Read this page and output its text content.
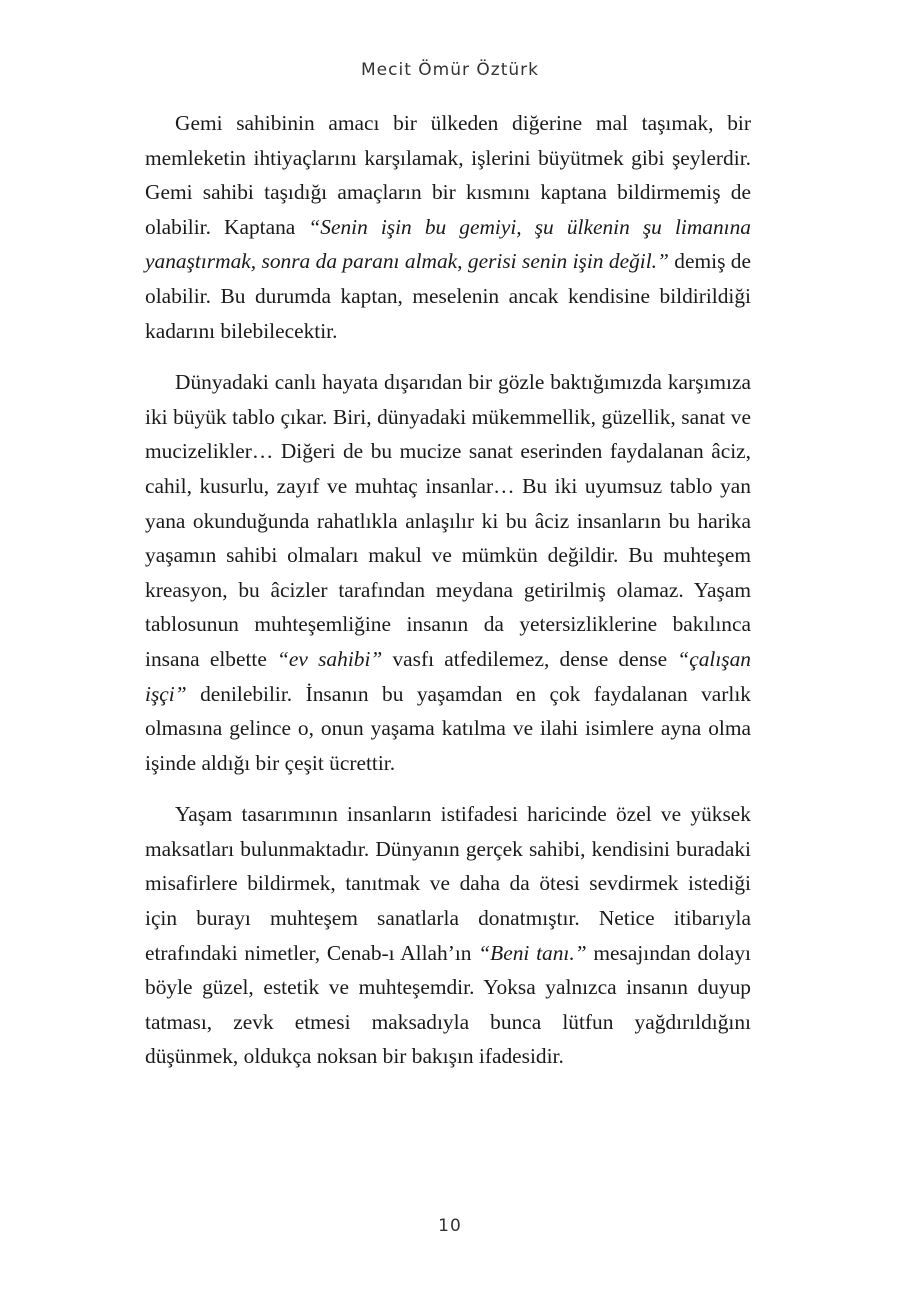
Mecit Ömür Öztürk

Gemi sahibinin amacı bir ülkeden diğerine mal taşımak, bir memleketin ihtiyaçlarını karşılamak, işlerini büyütmek gibi şeylerdir. Gemi sahibi taşıdığı amaçların bir kısmını kaptana bildirmemiş de olabilir. Kaptana “Senin işin bu gemiyi, şu ülkenin şu limanına yanaştırmak, sonra da paranı almak, gerisi senin işin değil.” demiş de olabilir. Bu durumda kaptan, meselenin ancak kendisine bildirildiği kadarını bilebilecektir.

Dünyadaki canlı hayata dışarıdan bir gözle baktığımızda karşımıza iki büyük tablo çıkar. Biri, dünyadaki mükemmellik, güzellik, sanat ve mucizelikler… Diğeri de bu mucize sanat eserinden faydalanan âciz, cahil, kusurlu, zayıf ve muhtaç insanlar… Bu iki uyumsuz tablo yan yana okunduğunda rahatlıkla anlaşılır ki bu âciz insanların bu harika yaşamın sahibi olmaları makul ve mümkün değildir. Bu muhteşem kreasyon, bu âcizler tarafından meydana getirilmiş olamaz. Yaşam tablosunun muhteşemliğine insanın da yetersizliklerine bakılınca insana elbette “ev sahibi” vasfı atfedilemez, dense dense “çalışan işçi” denilebilir. İnsanın bu yaşamdan en çok faydalanan varlık olmasına gelince o, onun yaşama katılma ve ilahi isimlere ayna olma işinde aldığı bir çeşit ücrettir.

Yaşam tasarımının insanların istifadesi haricinde özel ve yüksek maksatları bulunmaktadır. Dünyanın gerçek sahibi, kendisini buradaki misafirlere bildirmek, tanıtmak ve daha da ötesi sevdirmek istediği için burayı muhteşem sanatlarla donatmıştır. Netice itibarıyla etrafındaki nimetler, Cenab-ı Allah’ın “Beni tanı.” mesajından dolayı böyle güzel, estetik ve muhteşemdir. Yoksa yalnızca insanın duyup tatması, zevk etmesi maksadıyla bunca lütfun yağdırıldığını düşünmek, oldukça noksan bir bakışın ifadesidir.

10
